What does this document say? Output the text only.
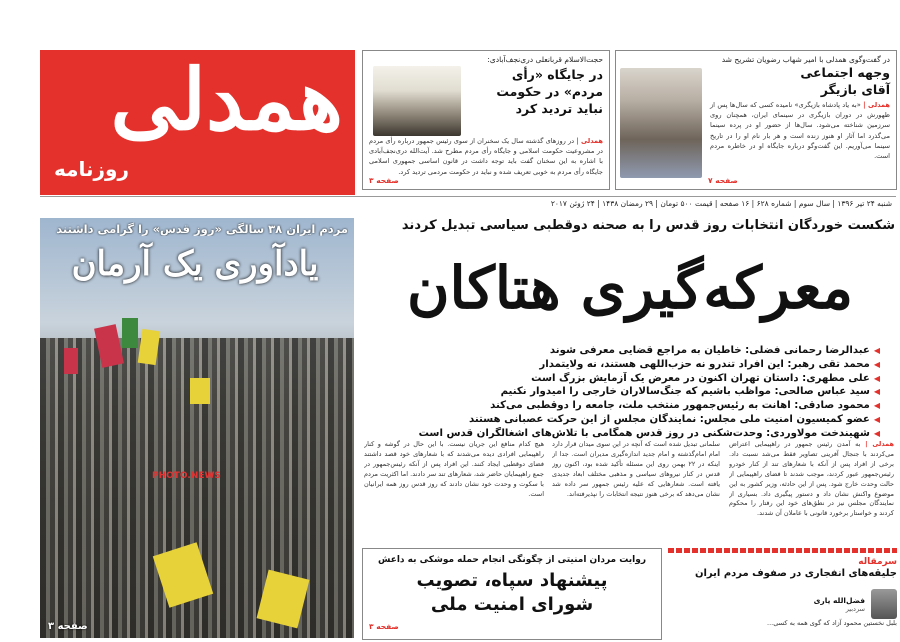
همدلی
روزنامه
شنبه ۲۴ تیر ۱۳۹۶ | سال سوم | شماره ۶۲۸ | ۱۶ صفحه | قیمت ۵۰۰ تومان | ۲۹ رمضان ۱۴۳۸ | ۲۴ ژوئن ۲۰۱۷
حجت‌الاسلام قربانعلی دری‌نجف‌آبادی:
در جایگاه «رأی مردم» در حکومت
نباید تردید کرد
همدلی | در روزهای گذشته سال یک سخنران از سوی رئیس جمهور درباره رأی مردم در مشروعیت حکومت اسلامی و جایگاه رأی مردم مطرح شد. آیت‌الله دری‌نجف‌آبادی با اشاره به این سخنان گفت باید توجه داشت در قانون اساسی جمهوری اسلامی جایگاه رأی مردم به خوبی تعریف شده و نباید در حکومت مردمی تردید کرد.
صفحه ۳
در گفت‌وگوی همدلی با امیر شهاب رضویان تشریح شد
وجهه اجتماعی
آقای بازیگر
همدلی | «به یاد پادشاه بازیگری» نامیده کسی که سال‌ها پس از ظهورش در دوران بازیگری در سینمای ایران، همچنان روی سرزمین شناخته می‌شود. سال‌ها از حضور او در پرده سینما می‌گذرد اما آثار او هنوز زنده است و هر بار نام او را در تاریخ سینما می‌آوریم. این گفت‌وگو درباره جایگاه او در خاطره مردم است.
صفحه ۷
شکست خوردگان انتخابات روز قدس را به صحنه دوقطبی سیاسی تبدیل کردند
معرکه‌گیری هتاکان
◀ عبدالرضا رحمانی فضلی: خاطیان به مراجع قضایی معرفی شوند
◀ محمد تقی رهبر: این افراد تندرو نه حزب‌اللهی هستند، نه ولایتمدار
◀ علی مطهری: داستان تهران اکنون در معرض یک آزمایش بزرگ است
◀ سید عباس صالحی: مواظب باشیم که جنگ‌سالاران خارجی را امیدوار نکنیم
◀ محمود صادقی: اهانت به رئیس‌جمهور منتخب ملت، جامعه را دوقطبی می‌کند
◀ عضو کمیسیون امنیت ملی مجلس: نمایندگان مجلس از این حرکت عصبانی هستند
◀ شهیندخت مولاوردی: وحدت‌شکنی در روز قدس همگامی با تلاش‌های اشغالگران قدس است
همدلی | به آمدن رئیس جمهور در راهپیمایی اعتراض می‌کردند با جنجال آفرینی تصاویر فقط می‌شد نسبت داد. برخی از افراد پس از آنکه با شعارهای تند از کنار خودرو رئیس‌جمهور عبور کردند، موجب شدند تا فضای راهپیمایی از حالت وحدت خارج شود. پس از این حادثه، وزیر کشور به این موضوع واکنش نشان داد و دستور پیگیری داد. بسیاری از نمایندگان مجلس نیز در نطق‌های خود این رفتار را محکوم کردند و خواستار برخورد قانونی با عاملان آن شدند.
سلمانی تبدیل شده است که آنچه در این سوی میدان قرار دارد امام امام‌گذشته و امام جدید اندازه‌گیری مدیران است. جدا از اینکه در ۲۲ بهمن روی این مسئله تأکید شده بود، اکنون روز قدس در کنار نیروهای سیاسی و مذهبی مختلف ابعاد جدیدی یافته است. شعارهایی که علیه رئیس جمهور سر داده شد نشان می‌دهد که برخی هنوز نتیجه انتخابات را نپذیرفته‌اند.
هیچ کدام منافع این جریان نیست. با این حال در گوشه و کنار راهپیمایی افرادی دیده می‌شدند که با شعارهای خود قصد داشتند فضای دوقطبی ایجاد کنند. این افراد پس از آنکه رئیس‌جمهور در جمع راهپیمایان حاضر شد، شعارهای تند سر دادند. اما اکثریت مردم با سکوت و وحدت خود نشان دادند که روز قدس روز همه ایرانیان است.
مردم ایران ۳۸ سالگی «روز قدس» را گرامی داشتند
یادآوری یک آرمان
PHOTO.NEWS
صفحه ۳
روایت مردان امنیتی از چگونگی انجام حمله موشکی به داعش
پیشنهاد سپاه، تصویب
شورای امنیت ملی
صفحه ۳
سرمقاله
جلیقه‌های انفجاری در صفوف مردم ایران
فضل‌الله یاری
سردبیر
بلبل نخستین محمود آزاد که گوی همه به کسی...
